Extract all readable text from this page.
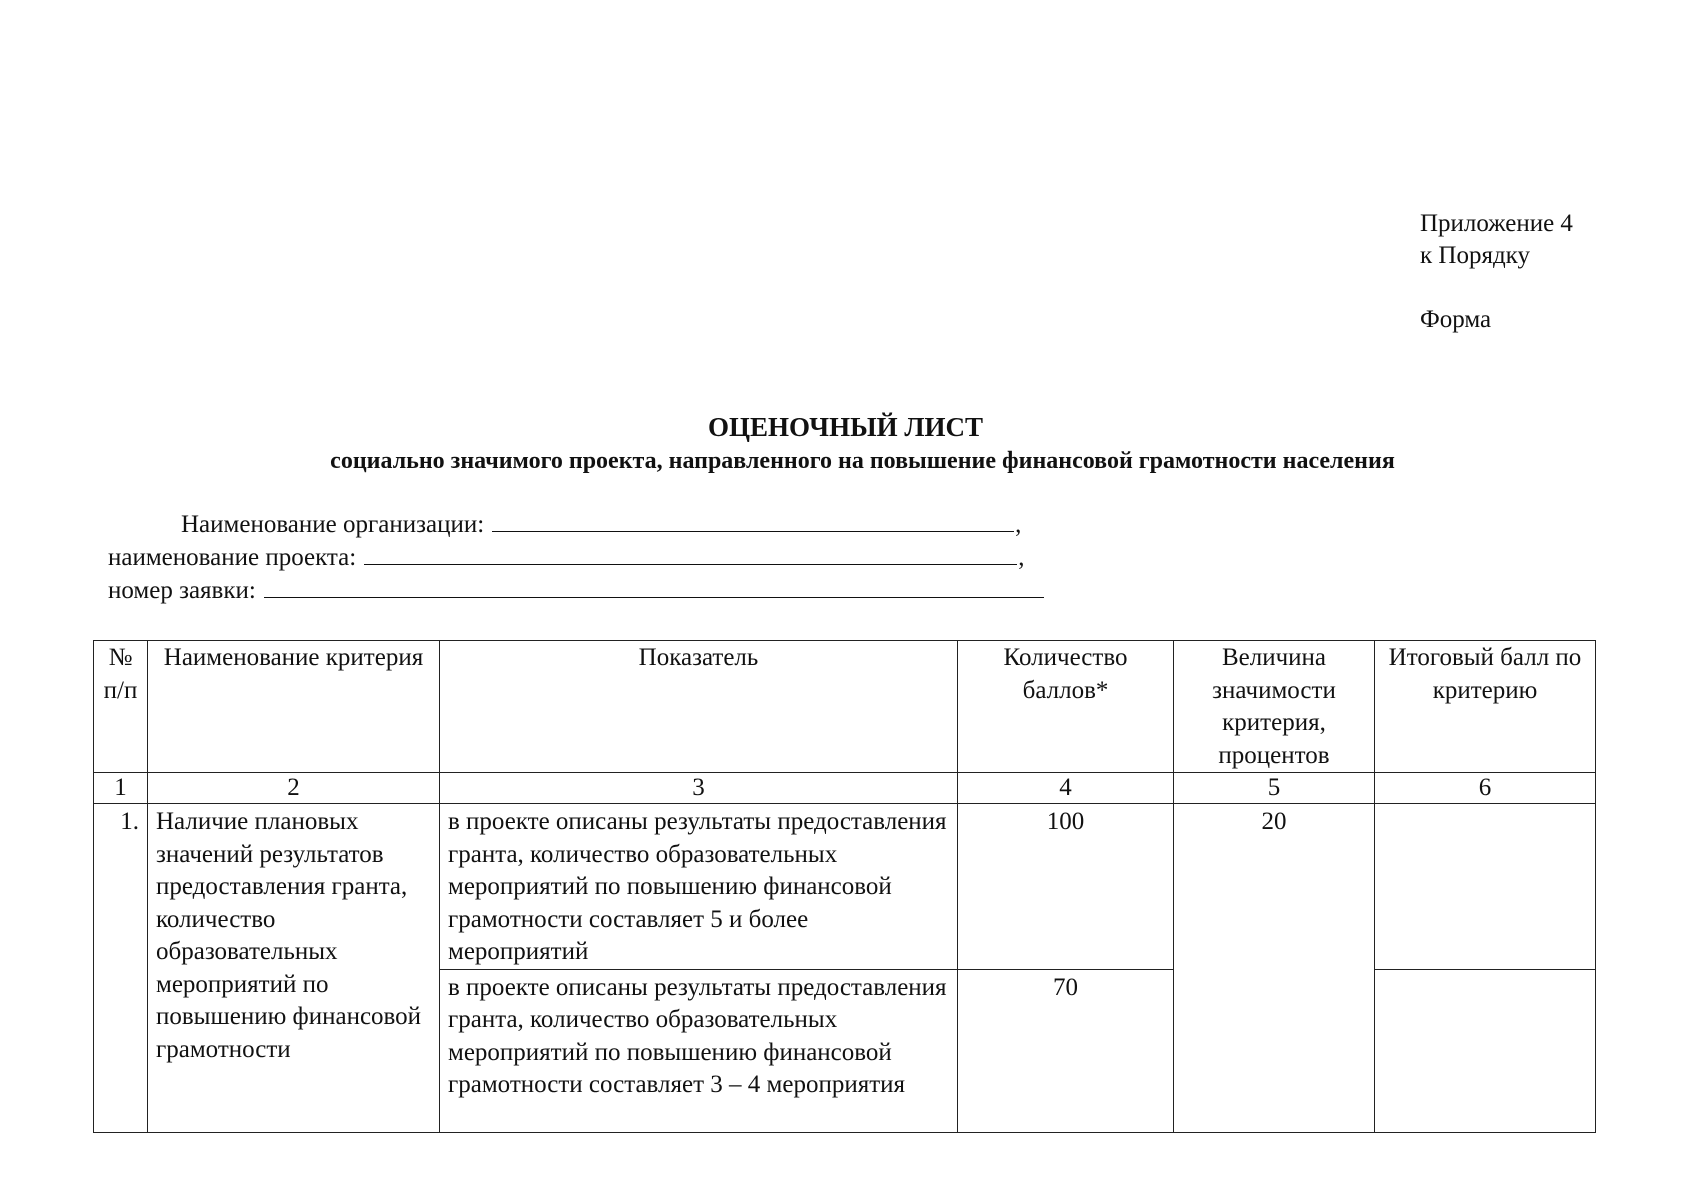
Приложение 4
к Порядку
Форма
ОЦЕНОЧНЫЙ ЛИСТ
социально значимого проекта, направленного на повышение финансовой грамотности населения
Наименование организации:	,
наименование проекта:	,
номер заявки:
№ п/п	Наименование критерия	Показатель	Количество баллов*	Величина значимости критерия, процентов	Итоговый балл по критерию
1	2	3	4	5	6
1.	Наличие плановых значений результатов предоставления гранта, количество образовательных мероприятий по повышению финансовой грамотности	в проекте описаны результаты предоставления гранта, количество образовательных мероприятий по повышению финансовой грамотности составляет 5 и более мероприятий	100	20	
		в проекте описаны результаты предоставления гранта, количество образовательных мероприятий по повышению финансовой грамотности составляет 3 – 4 мероприятия	70		
